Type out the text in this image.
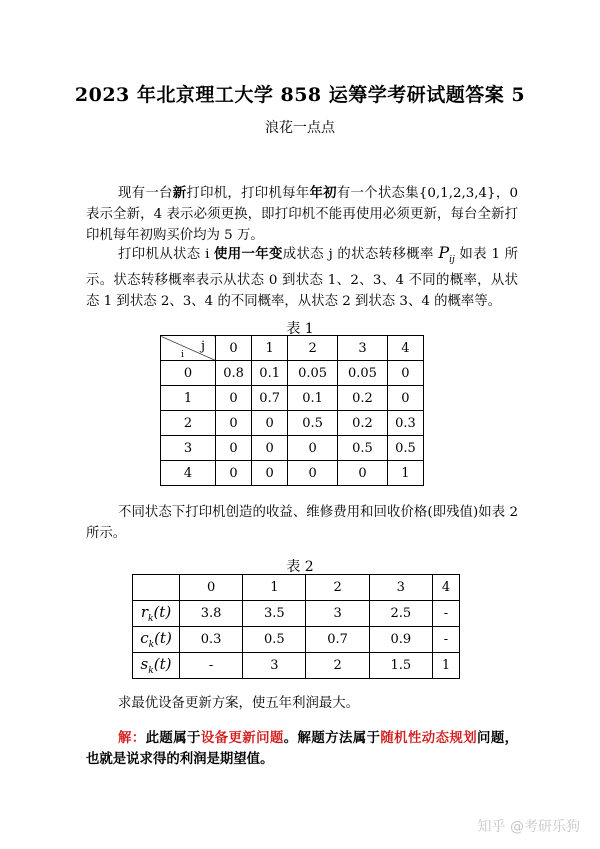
2023 年北京理工大学 858 运筹学考研试题答案 5
浪花一点点
现有一台新打印机，打印机每年年初有一个状态集{0,1,2,3,4}，0 表示全新，4 表示必须更换，即打印机不能再使用必须更新，每台全新打印机每年初购买价均为 5 万。
打印机从状态 i 使用一年变成状态 j 的状态转移概率 $P_{ij}$ 如表 1 所示。状态转移概率表示从状态 0 到状态 1、2、3、4 不同的概率，从状态 1 到状态 2、3、4 的不同概率，从状态 2 到状态 3、4 的概率等。
表 1
j
i	0	1	2	3	4
0	0.8	0.1	0.05	0.05	0
1	0	0.7	0.1	0.2	0
2	0	0	0.5	0.2	0.3
3	0	0	0	0.5	0.5
4	0	0	0	0	1
不同状态下打印机创造的收益、维修费用和回收价格(即残值)如表 2 所示。
表 2
	0	1	2	3	4
$r_k(t)$	3.8	3.5	3	2.5	-
$c_k(t)$	0.3	0.5	0.7	0.9	-
$s_k(t)$	-	3	2	1.5	1
求最优设备更新方案，使五年利润最大。
解：此题属于设备更新问题。解题方法属于随机性动态规划问题，也就是说求得的利润是期望值。
知乎 @考研乐狗
